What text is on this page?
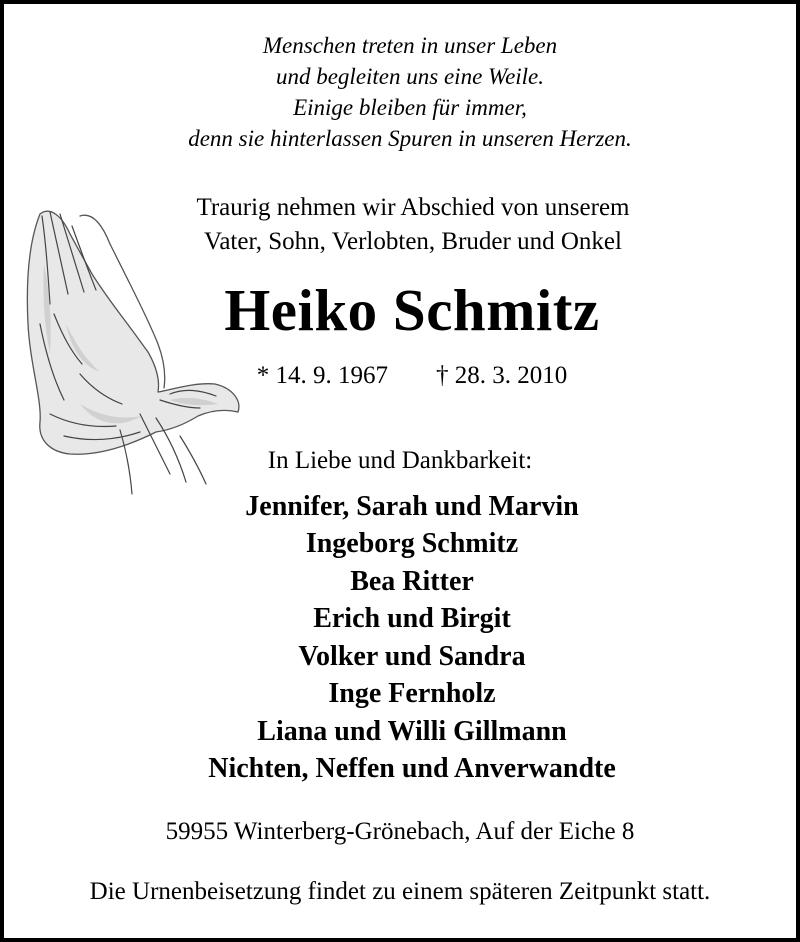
Menschen treten in unser Leben
und begleiten uns eine Weile.
Einige bleiben für immer,
denn sie hinterlassen Spuren in unseren Herzen.
Traurig nehmen wir Abschied von unserem
Vater, Sohn, Verlobten, Bruder und Onkel
Heiko Schmitz
* 14. 9. 1967 † 28. 3. 2010
In Liebe und Dankbarkeit:
Jennifer, Sarah und Marvin
Ingeborg Schmitz
Bea Ritter
Erich und Birgit
Volker und Sandra
Inge Fernholz
Liana und Willi Gillmann
Nichten, Neffen und Anverwandte
59955 Winterberg-Grönebach, Auf der Eiche 8
Die Urnenbeisetzung findet zu einem späteren Zeitpunkt statt.
